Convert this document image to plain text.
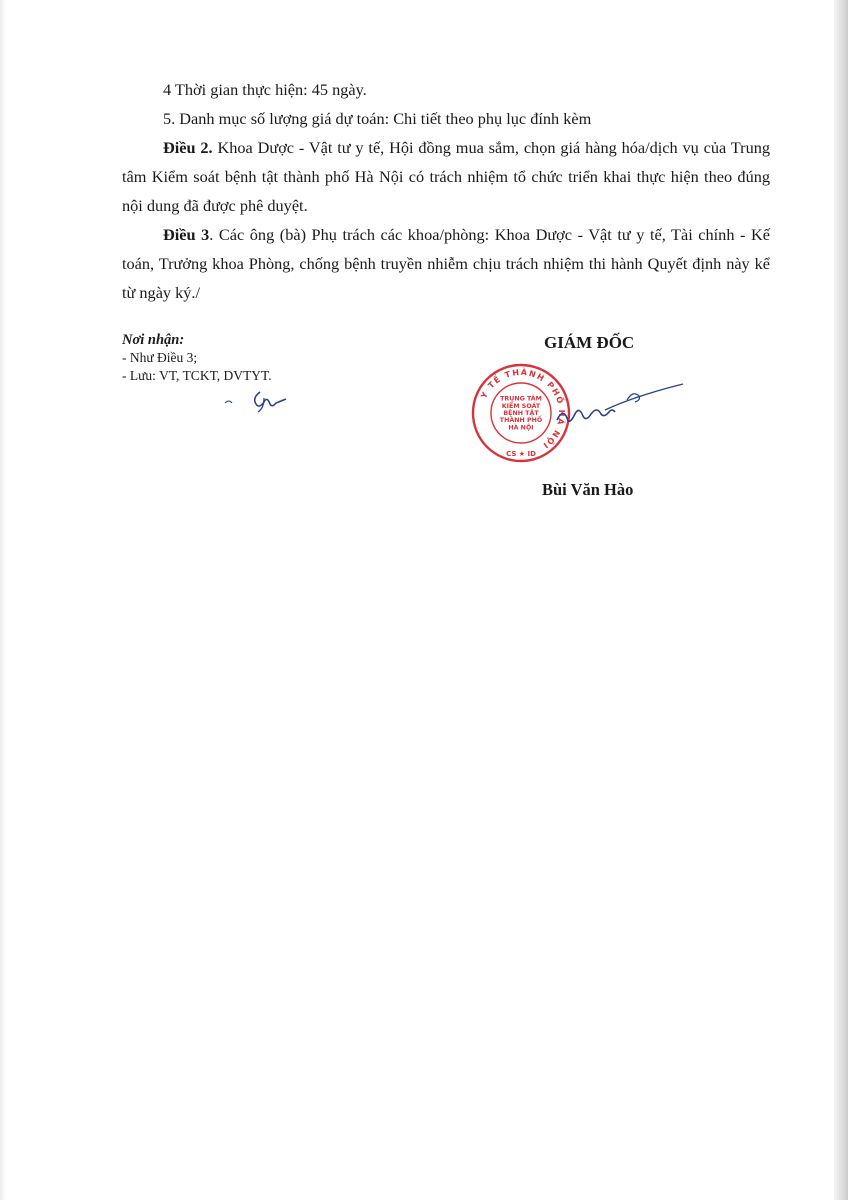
4 Thời gian thực hiện: 45 ngày.

5. Danh mục số lượng giá dự toán: Chi tiết theo phụ lục đính kèm

Điều 2. Khoa Dược - Vật tư y tế, Hội đồng mua sắm, chọn giá hàng hóa/dịch vụ của Trung tâm Kiểm soát bệnh tật thành phố Hà Nội có trách nhiệm tổ chức triển khai thực hiện theo đúng nội dung đã được phê duyệt.

Điều 3. Các ông (bà) Phụ trách các khoa/phòng: Khoa Dược - Vật tư y tế, Tài chính - Kế toán, Trưởng khoa Phòng, chống bệnh truyền nhiễm chịu trách nhiệm thi hành Quyết định này kể từ ngày ký./

Nơi nhận:
- Như Điều 3;
- Lưu: VT, TCKT, DVTYT.
GIÁM ĐỐC
Y TẾ THÀNH PHỐ HÀ NỘI
TRUNG TÂM KIỂM SOÁT BỆNH TẬT THÀNH PHỐ HÀ NỘI
CS ★ ID
Bùi Văn Hào
